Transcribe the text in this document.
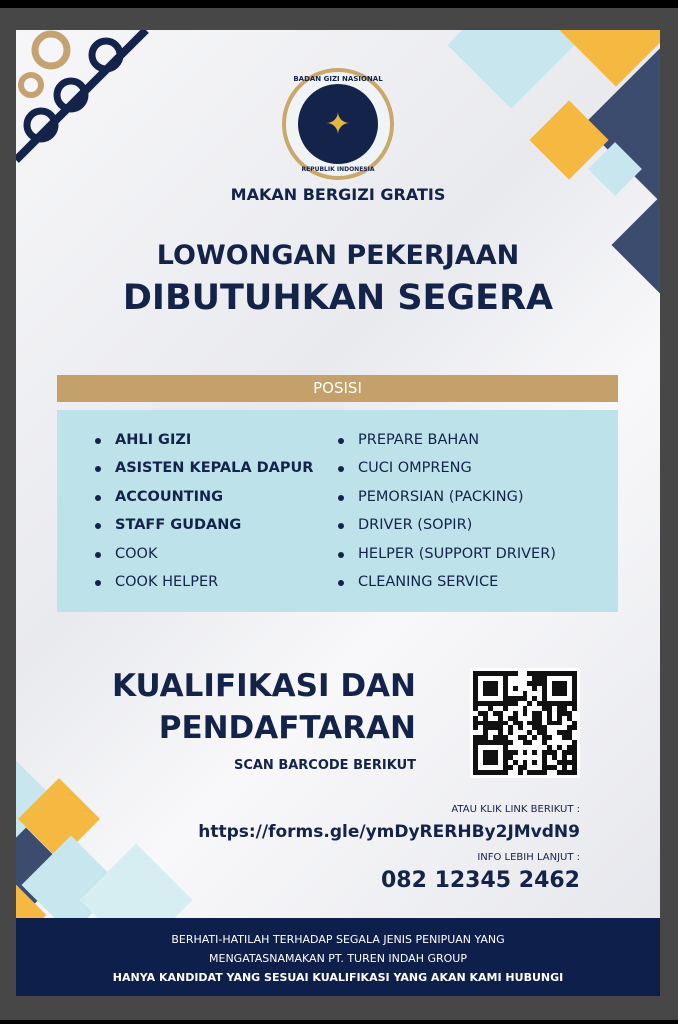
BADAN GIZI NASIONAL
✦
REPUBLIK INDONESIA
MAKAN BERGIZI GRATIS
LOWONGAN PEKERJAAN
DIBUTUHKAN SEGERA
POSISI
AHLI GIZI
ASISTEN KEPALA DAPUR
ACCOUNTING
STAFF GUDANG
COOK
COOK HELPER
PREPARE BAHAN
CUCI OMPRENG
PEMORSIAN (PACKING)
DRIVER (SOPIR)
HELPER (SUPPORT DRIVER)
CLEANING SERVICE
KUALIFIKASI DAN
PENDAFTARAN
SCAN BARCODE BERIKUT
ATAU KLIK LINK BERIKUT :
https://forms.gle/ymDyRERHBy2JMvdN9
INFO LEBIH LANJUT :
082 12345 2462
BERHATI-HATILAH TERHADAP SEGALA JENIS PENIPUAN YANG
MENGATASNAMAKAN PT. TUREN INDAH GROUP
HANYA KANDIDAT YANG SESUAI KUALIFIKASI YANG AKAN KAMI HUBUNGI
